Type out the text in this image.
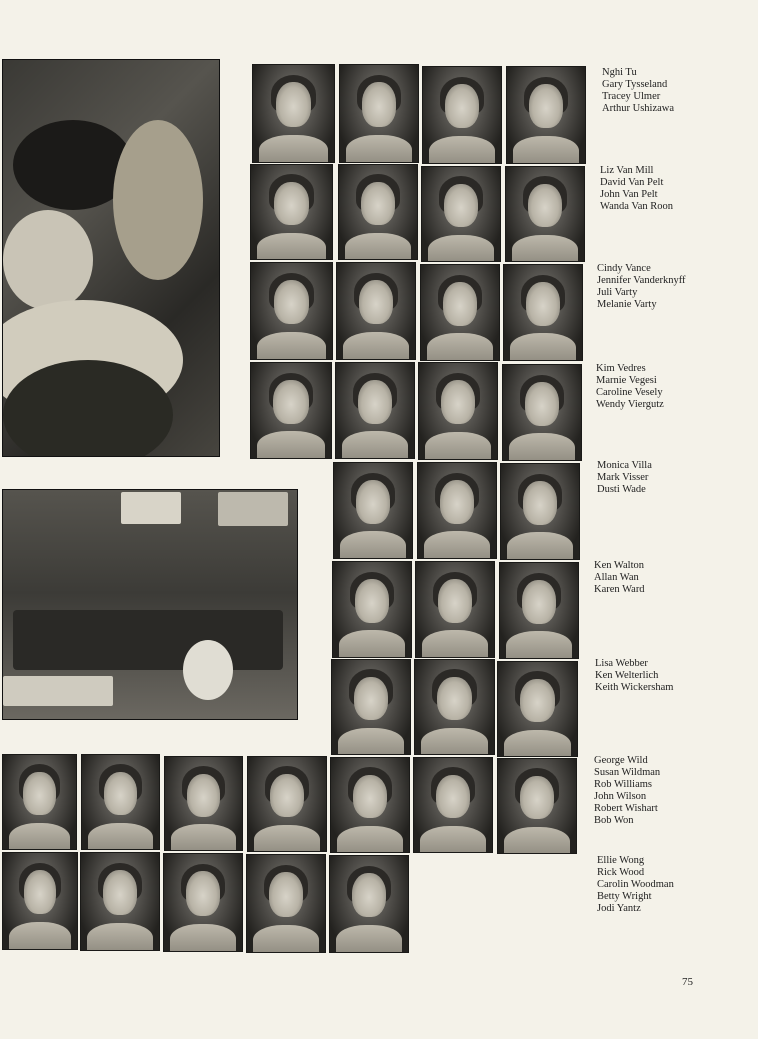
Nghi Tu
Gary Tysseland
Tracey Ulmer
Arthur Ushizawa
Liz Van Mill
David Van Pelt
John Van Pelt
Wanda Van Roon
Cindy Vance
Jennifer Vanderknyff
Juli Varty
Melanie Varty
Kim Vedres
Marnie Vegesi
Caroline Vesely
Wendy Viergutz
Monica Villa
Mark Visser
Dusti Wade
Ken Walton
Allan Wan
Karen Ward
Lisa Webber
Ken Welterlich
Keith Wickersham
George Wild
Susan Wildman
Rob Williams
John Wilson
Robert Wishart
Bob Won
Ellie Wong
Rick Wood
Carolin Woodman
Betty Wright
Jodi Yantz
75
